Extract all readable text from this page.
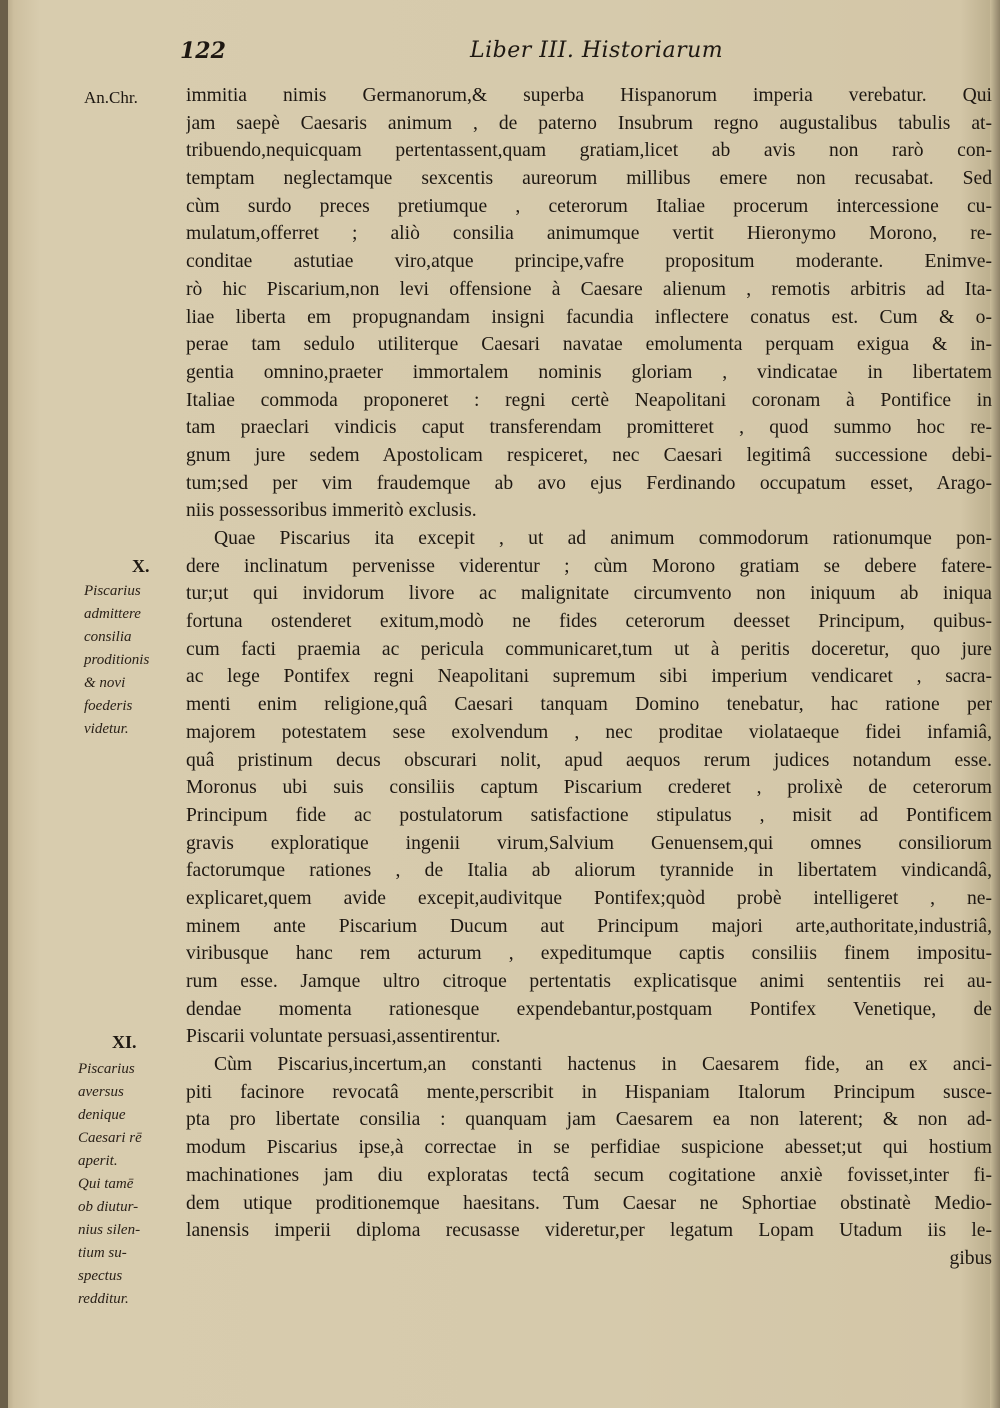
122	Liber III. Historiarum
An.Chr.
X.
Piscarius
admittere
consilia
proditionis
& novi
foederis
videtur.
XI.
Piscarius
aversus
denique
Caesari rē
aperit.
Qui tamē
ob diutur-
nius silen-
tium su-
spectus
redditur.
immitia nimis Germanorum,& superba Hispanorum imperia verebatur. Qui
jam saepè Caesaris animum , de paterno Insubrum regno augustalibus tabulis at-
tribuendo,nequicquam pertentassent,quam gratiam,licet ab avis non rarò con-
temptam neglectamque sexcentis aureorum millibus emere non recusabat. Sed
cùm surdo preces pretiumque , ceterorum Italiae procerum intercessione cu-
mulatum,offerret ; aliò consilia animumque vertit Hieronymo Morono, re-
conditae astutiae viro,atque principe,vafre propositum moderante. Enimve-
rò hic Piscarium,non levi offensione à Caesare alienum , remotis arbitris ad Ita-
liae liberta em propugnandam insigni facundia inflectere conatus est. Cum & o-
perae tam sedulo utiliterque Caesari navatae emolumenta perquam exigua & in-
gentia omnino,praeter immortalem nominis gloriam , vindicatae in libertatem
Italiae commoda proponeret : regni certè Neapolitani coronam à Pontifice in
tam praeclari vindicis caput transferendam promitteret , quod summo hoc re-
gnum jure sedem Apostolicam respiceret, nec Caesari legitimâ successione debi-
tum;sed per vim fraudemque ab avo ejus Ferdinando occupatum esset, Arago-
niis possessoribus immeritò exclusis.
Quae Piscarius ita excepit , ut ad animum commodorum rationumque pon-
dere inclinatum pervenisse viderentur ; cùm Morono gratiam se debere fatere-
tur;ut qui invidorum livore ac malignitate circumvento non iniquum ab iniqua
fortuna ostenderet exitum,modò ne fides ceterorum deesset Principum, quibus-
cum facti praemia ac pericula communicaret,tum ut à peritis doceretur, quo jure
ac lege Pontifex regni Neapolitani supremum sibi imperium vendicaret , sacra-
menti enim religione,quâ Caesari tanquam Domino tenebatur, hac ratione per
majorem potestatem sese exolvendum , nec proditae violataeque fidei infamiâ,
quâ pristinum decus obscurari nolit, apud aequos rerum judices notandum esse.
Moronus ubi suis consiliis captum Piscarium crederet , prolixè de ceterorum
Principum fide ac postulatorum satisfactione stipulatus , misit ad Pontificem
gravis exploratique ingenii virum,Salvium Genuensem,qui omnes consiliorum
factorumque rationes , de Italia ab aliorum tyrannide in libertatem vindicandâ,
explicaret,quem avide excepit,audivitque Pontifex;quòd probè intelligeret , ne-
minem ante Piscarium Ducum aut Principum majori arte,authoritate,industriâ,
viribusque hanc rem acturum , expeditumque captis consiliis finem impositu-
rum esse. Jamque ultro citroque pertentatis explicatisque animi sententiis rei au-
dendae momenta rationesque expendebantur,postquam Pontifex Venetique, de
Piscarii voluntate persuasi,assentirentur.
Cùm Piscarius,incertum,an constanti hactenus in Caesarem fide, an ex anci-
piti facinore revocatâ mente,perscribit in Hispaniam Italorum Principum susce-
pta pro libertate consilia : quanquam jam Caesarem ea non laterent; & non ad-
modum Piscarius ipse,à correctae in se perfidiae suspicione abesset;ut qui hostium
machinationes jam diu exploratas tectâ secum cogitatione anxiè fovisset,inter fi-
dem utique proditionemque haesitans. Tum Caesar ne Sphortiae obstinatè Medio-
lanensis imperii diploma recusasse videretur,per legatum Lopam Utadum iis le-
gibus
